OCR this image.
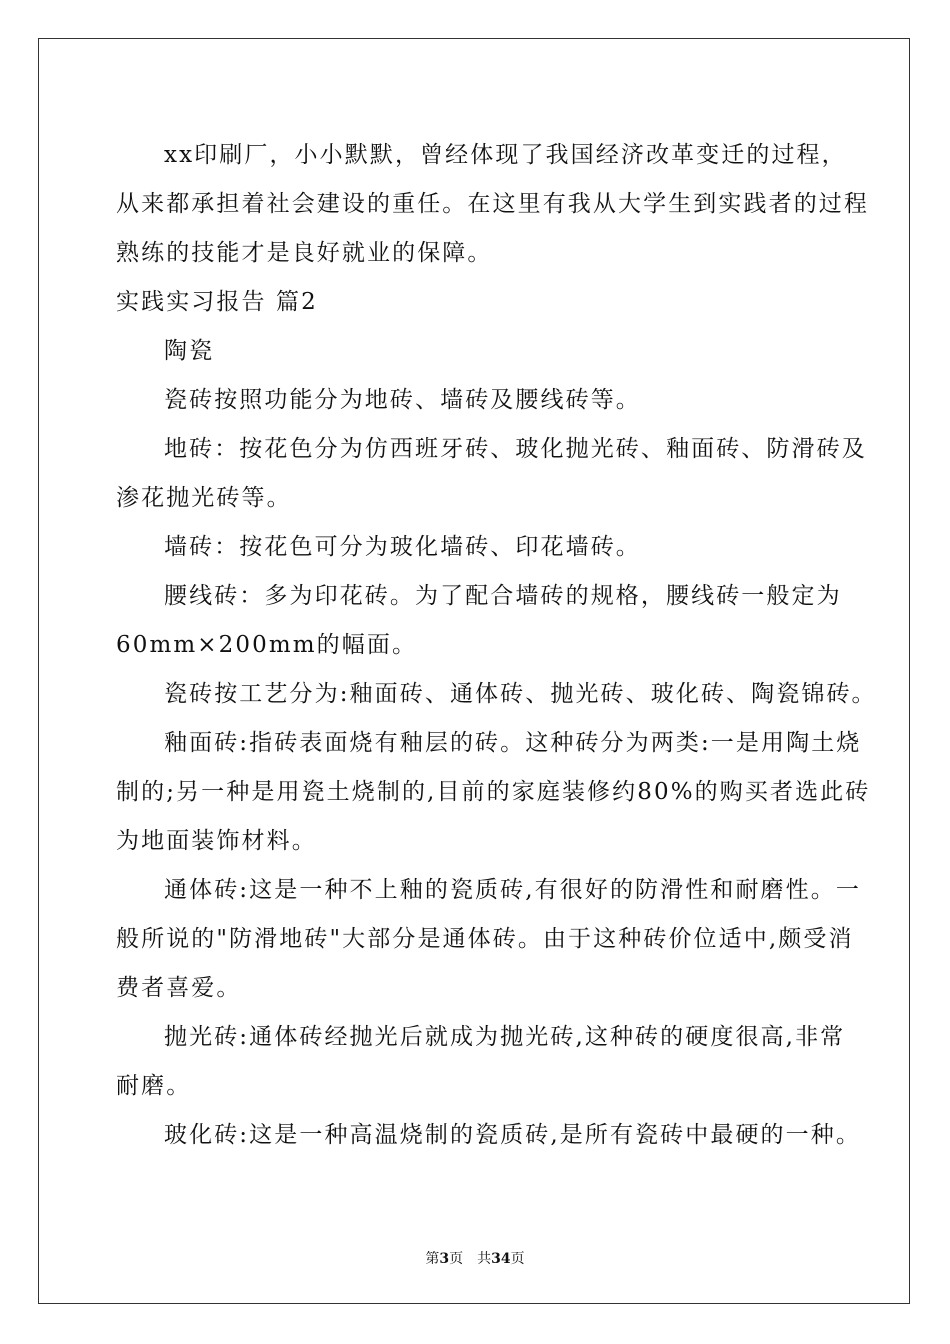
xx印刷厂，小小默默，曾经体现了我国经济改革变迁的过程，

从来都承担着社会建设的重任。在这里有我从大学生到实践者的过程

熟练的技能才是良好就业的保障。

实践实习报告 篇2

陶瓷

瓷砖按照功能分为地砖、墙砖及腰线砖等。

地砖：按花色分为仿西班牙砖、玻化抛光砖、釉面砖、防滑砖及

渗花抛光砖等。

墙砖：按花色可分为玻化墙砖、印花墙砖。

腰线砖：多为印花砖。为了配合墙砖的规格，腰线砖一般定为

60mm×200mm的幅面。

瓷砖按工艺分为:釉面砖、通体砖、抛光砖、玻化砖、陶瓷锦砖。

釉面砖:指砖表面烧有釉层的砖。这种砖分为两类:一是用陶土烧

制的;另一种是用瓷土烧制的,目前的家庭装修约80%的购买者选此砖

为地面装饰材料。

通体砖:这是一种不上釉的瓷质砖,有很好的防滑性和耐磨性。一

般所说的"防滑地砖"大部分是通体砖。由于这种砖价位适中,颇受消

费者喜爱。

抛光砖:通体砖经抛光后就成为抛光砖,这种砖的硬度很高,非常

耐磨。

玻化砖:这是一种高温烧制的瓷质砖,是所有瓷砖中最硬的一种。

第3页　共34页
